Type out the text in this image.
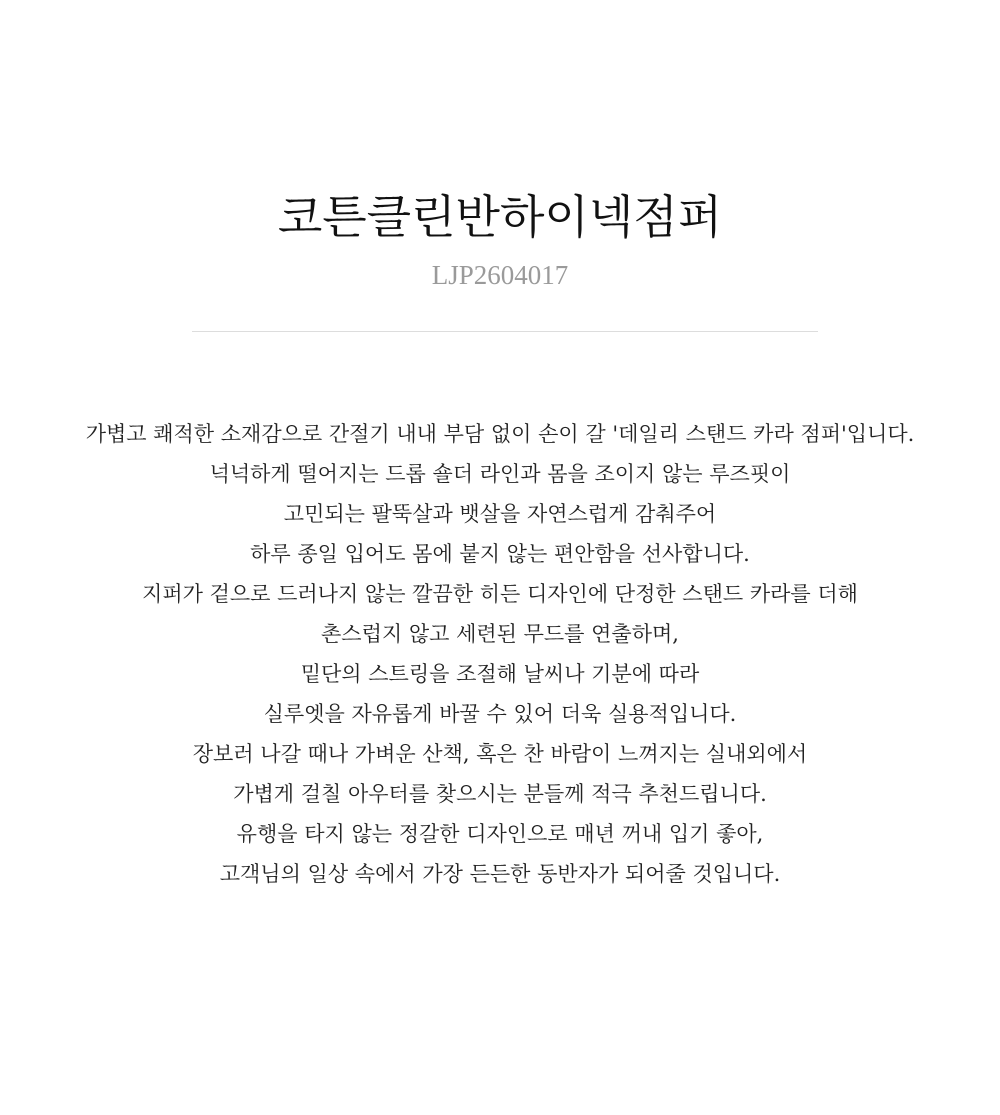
코튼클린반하이넥점퍼
LJP2604017
가볍고 쾌적한 소재감으로 간절기 내내 부담 없이 손이 갈 '데일리 스탠드 카라 점퍼'입니다.
넉넉하게 떨어지는 드롭 숄더 라인과 몸을 조이지 않는 루즈핏이
고민되는 팔뚝살과 뱃살을 자연스럽게 감춰주어
하루 종일 입어도 몸에 붙지 않는 편안함을 선사합니다.
지퍼가 겉으로 드러나지 않는 깔끔한 히든 디자인에 단정한 스탠드 카라를 더해
촌스럽지 않고 세련된 무드를 연출하며,
밑단의 스트링을 조절해 날씨나 기분에 따라
실루엣을 자유롭게 바꿀 수 있어 더욱 실용적입니다.
장보러 나갈 때나 가벼운 산책, 혹은 찬 바람이 느껴지는 실내외에서
가볍게 걸칠 아우터를 찾으시는 분들께 적극 추천드립니다.
유행을 타지 않는 정갈한 디자인으로 매년 꺼내 입기 좋아,
고객님의 일상 속에서 가장 든든한 동반자가 되어줄 것입니다.
